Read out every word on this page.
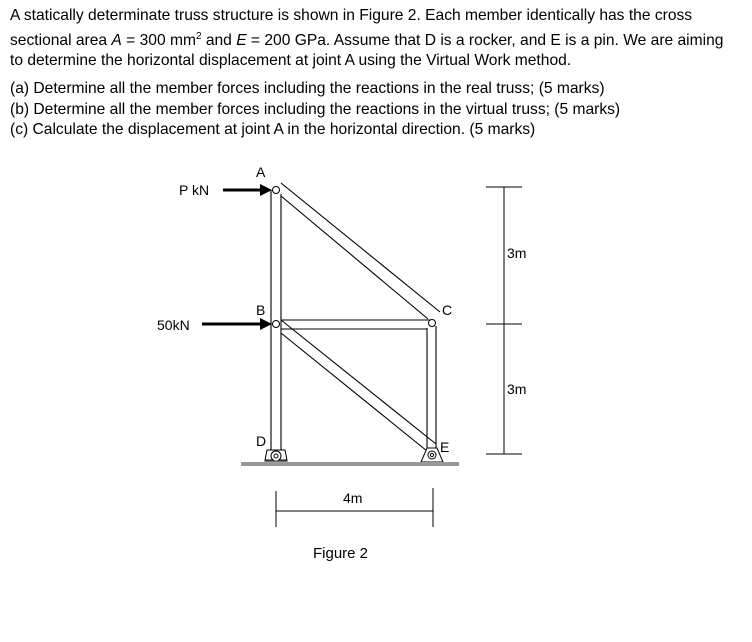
A statically determinate truss structure is shown in Figure 2. Each member identically has the cross

sectional area A = 300 $mm^2$ and E = 200 GPa. Assume that D is a rocker, and E is a pin. We are aiming

to determine the horizontal displacement at joint A using the Virtual Work method.

(a) Determine all the member forces including the reactions in the real truss; (5 marks)

(b) Determine all the member forces including the reactions in the virtual truss; (5 marks)

(c) Calculate the displacement at joint A in the horizontal direction. (5 marks)

A
B	C
D	E
P kN
50kN
3m
3m
4m
Figure 2
